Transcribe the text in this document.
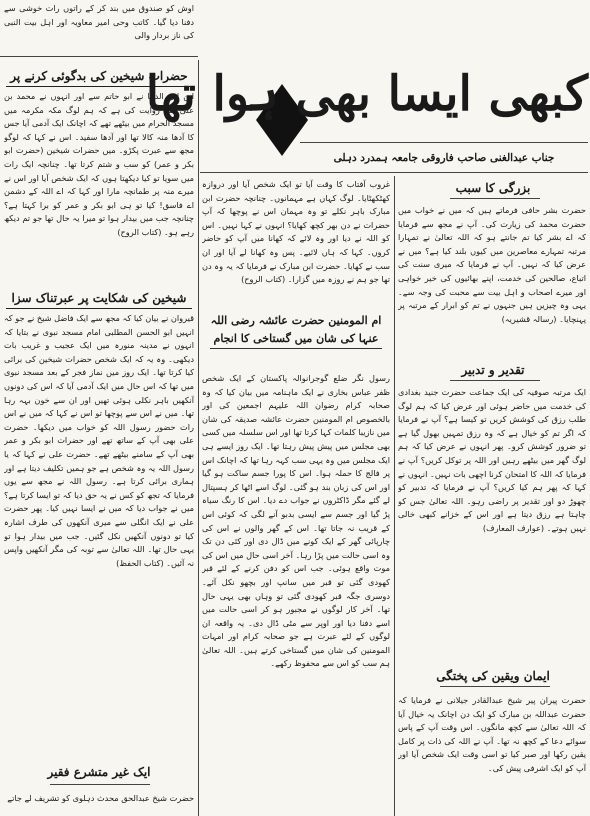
اوش کو صندوق میں بند کر کے راتوں رات خوشی سے دفنا دیا گیا۔ کاتب وحی امیر معاویہ اور اہل بیت النبی کی ناز بردار والی
حضرات شیخین کی بدگوئی کرنے پر
ابن ابی الدنیا نے ابو حاتم سے اور انہوں نے محمد بن علی سے روایت کی ہے کہ ہم لوگ مکہ مکرمہ میں مسجد الحرام میں بیٹھے تھے کہ اچانک ایک آدمی آیا جس کا آدھا منہ کالا تھا اور آدھا سفید۔ اس نے کہا کہ لوگو مجھ سے عبرت پکڑو۔ میں حضرات شیخین (حضرت ابو بکر و عمر) کو سب و شتم کرتا تھا۔ چنانچہ ایک رات میں سویا تو کیا دیکھتا ہوں کہ ایک شخص آیا اور اس نے میرے منہ پر طمانچہ مارا اور کہا کہ اے اللہ کے دشمن اے فاسق! کیا تو ہی ابو بکر و عمر کو برا کہتا ہے؟ چنانچہ جب میں بیدار ہوا تو میرا یہ حال تھا جو تم دیکھ رہے ہو۔ (کتاب الروح)
شیخین کی شکایت پر عبرتناک سزا
قیروان نے بیان کیا کہ مجھ سے ایک فاضل شیخ نے جو کہ انہیں ابو الحسن المطلبی امام مسجد نبوی نے بتایا کہ انہوں نے مدینہ منورہ میں ایک عجیب و غریب بات دیکھی۔ وہ یہ کہ ایک شخص حضرات شیخین کی برائی کیا کرتا تھا۔ ایک روز میں نماز فجر کے بعد مسجد نبوی میں تھا کہ اس حال میں ایک آدمی آیا کہ اس کی دونوں آنکھیں باہر نکلی ہوئی تھیں اور ان سے خون بہہ رہا تھا۔ میں نے اس سے پوچھا تو اس نے کہا کہ میں نے اس رات حضور رسول اللہ کو خواب میں دیکھا۔ حضرت علی بھی آپ کے ساتھ تھے اور حضرات ابو بکر و عمر بھی آپ کے سامنے بیٹھے تھے۔ حضرت علی نے کہا کہ یا رسول اللہ یہ وہ شخص ہے جو ہمیں تکلیف دیتا ہے اور ہماری برائی کرتا ہے۔ رسول اللہ نے مجھ سے یوں فرمایا کہ تجھ کو کس نے یہ حق دیا کہ تو ایسا کرتا ہے؟ میں نے جواب دیا کہ میں نے ایسا نہیں کیا۔ پھر حضرت علی نے ایک انگلی سے میری آنکھوں کی طرف اشارہ کیا تو دونوں آنکھیں نکل گئیں۔ جب میں بیدار ہوا تو یہی حال تھا۔ اللہ تعالیٰ سے توبہ کی مگر آنکھیں واپس نہ آئیں۔ (کتاب الحفظ)
ایک غیر متشرع فقیر
حضرت شیخ عبدالحق محدث دہلوی کو تشریف لے جاتے
کبھی ایسا بھی ہوا تھا
جناب عبدالغنی صاحب فاروقی جامعہ ہمدرد دہلی
غروب آفتاب کا وقت آیا تو ایک شخص آیا اور دروازہ کھٹکھٹایا۔ لوگ کہاں ہے مہمانوں۔ چنانچہ حضرت ابن مبارک باہر نکلے تو وہ مہمان اس نے پوچھا کہ آپ حضرات نے دن بھر کچھ کھایا؟ انہوں نے کہا نہیں۔ اس کو اللہ نے دیا اور وہ لائے کہ کھانا میں آپ کو حاضر کروں۔ کہا کہ ہاں لائیے۔ پس وہ کھانا لے آیا اور ان سب نے کھایا۔ حضرت ابن مبارک نے فرمایا کہ یہ وہ دن تھا جو ہم نے روزہ میں گزارا۔ (کتاب الروح)
ام المومنین حضرت عائشہ رضی اللہ عنہا کی شان میں گستاخی کا انجام
رسول نگر ضلع گوجرانوالہ پاکستان کے ایک شخص ظفر عباس بخاری نے ایک ماہنامہ میں بیان کیا کہ وہ صحابہ کرام رضوان اللہ علیہم اجمعین کی اور بالخصوص ام المومنین حضرت عائشہ صدیقہ کی شان میں نازیبا کلمات کہا کرتا تھا اور اس سلسلہ میں کسی بھی مجلس میں پیش پیش رہتا تھا۔ ایک روز ایسے ہی ایک مجلس میں وہ یہی سب کہہ رہا تھا کہ اچانک اس پر فالج کا حملہ ہوا۔ اس کا پورا جسم ساکت ہو گیا اور اس کی زبان بند ہو گئی۔ لوگ اسے اٹھا کر ہسپتال لے گئے مگر ڈاکٹروں نے جواب دے دیا۔ اس کا رنگ سیاہ پڑ گیا اور جسم سے ایسی بدبو آنے لگی کہ کوئی اس کے قریب نہ جاتا تھا۔ اس کے گھر والوں نے اس کی چارپائی گھر کے ایک کونے میں ڈال دی اور کئی دن تک وہ اسی حالت میں پڑا رہا۔ آخر اسی حال میں اس کی موت واقع ہوئی۔ جب اس کو دفن کرنے کے لئے قبر کھودی گئی تو قبر میں سانپ اور بچھو نکل آئے۔ دوسری جگہ قبر کھودی گئی تو وہاں بھی یہی حال تھا۔ آخر کار لوگوں نے مجبور ہو کر اسی حالت میں اسے دفنا دیا اور اوپر سے مٹی ڈال دی۔ یہ واقعہ ان لوگوں کے لئے عبرت ہے جو صحابہ کرام اور امہات المومنین کی شان میں گستاخی کرتے ہیں۔ اللہ تعالیٰ ہم سب کو اس سے محفوظ رکھے۔
بزرگی کا سبب
حضرت بشر حافی فرماتے ہیں کہ میں نے خواب میں حضرت محمد کی زیارت کی۔ آپ نے مجھ سے فرمایا کہ اے بشر کیا تم جانتے ہو کہ اللہ تعالیٰ نے تمہارا مرتبہ تمہارے معاصرین میں کیوں بلند کیا ہے؟ میں نے عرض کیا کہ نہیں۔ آپ نے فرمایا کہ میری سنت کی اتباع، صالحین کی خدمت، اپنے بھائیوں کی خیر خواہی اور میرے اصحاب و اہل بیت سے محبت کی وجہ سے۔ یہی وہ چیزیں ہیں جنہوں نے تم کو ابرار کے مرتبہ پر پہنچایا۔ (رسالہ قشیریہ)
تقدیر و تدبیر
ایک مرتبہ صوفیہ کی ایک جماعت حضرت جنید بغدادی کی خدمت میں حاضر ہوئی اور عرض کیا کہ ہم لوگ طلب رزق کی کوشش کریں تو کیسا ہے؟ آپ نے فرمایا کہ اگر تم کو خیال ہے کہ وہ رزق تمہیں بھول گیا ہے تو ضرور کوشش کرو۔ پھر انہوں نے عرض کیا کہ ہم لوگ گھر میں بیٹھے رہیں اور اللہ پر توکل کریں؟ آپ نے فرمایا کہ اللہ کا امتحان کرنا اچھی بات نہیں۔ انہوں نے کہا کہ پھر ہم کیا کریں؟ آپ نے فرمایا کہ تدبیر کو چھوڑ دو اور تقدیر پر راضی رہو۔ اللہ تعالیٰ جس کو چاہتا ہے رزق دیتا ہے اور اس کے خزانے کبھی خالی نہیں ہوتے۔ (عوارف المعارف)
ایمان ویقین کی پختگی
حضرت پیران پیر شیخ عبدالقادر جیلانی نے فرمایا کہ حضرت عبداللہ بن مبارک کو ایک دن اچانک یہ خیال آیا کہ اللہ تعالیٰ سے کچھ مانگوں۔ اس وقت آپ کے پاس سوائے دعا کے کچھ نہ تھا۔ آپ نے اللہ کی ذات پر کامل یقین رکھا اور صبر کیا تو اسی وقت ایک شخص آیا اور آپ کو ایک اشرفی پیش کی۔
